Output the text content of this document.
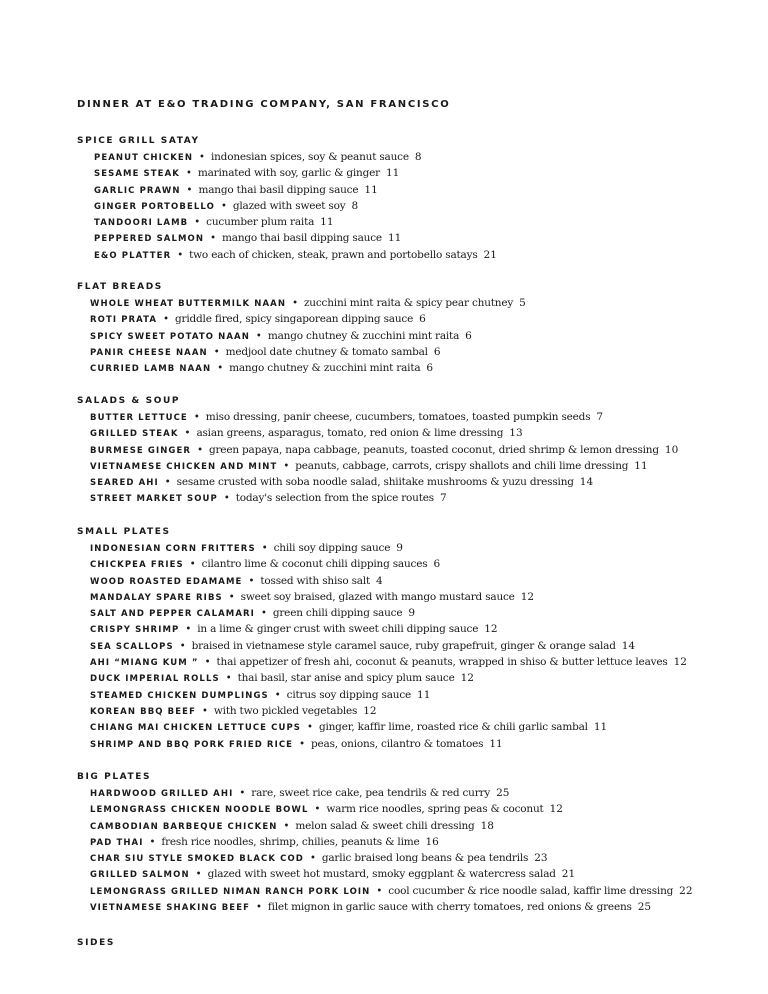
DINNER AT E&O TRADING COMPANY, SAN FRANCISCO
SPICE GRILL SATAY
PEANUT CHICKEN • indonesian spices, soy & peanut sauce 8
SESAME STEAK • marinated with soy, garlic & ginger 11
GARLIC PRAWN • mango thai basil dipping sauce 11
GINGER PORTOBELLO • glazed with sweet soy 8
TANDOORI LAMB • cucumber plum raita 11
PEPPERED SALMON • mango thai basil dipping sauce 11
E&O PLATTER • two each of chicken, steak, prawn and portobello satays 21
FLAT BREADS
WHOLE WHEAT BUTTERMILK NAAN • zucchini mint raita & spicy pear chutney 5
ROTI PRATA • griddle fired, spicy singaporean dipping sauce 6
SPICY SWEET POTATO NAAN • mango chutney & zucchini mint raita 6
PANIR CHEESE NAAN • medjool date chutney & tomato sambal 6
CURRIED LAMB NAAN • mango chutney & zucchini mint raita 6
SALADS & SOUP
BUTTER LETTUCE • miso dressing, panir cheese, cucumbers, tomatoes, toasted pumpkin seeds 7
GRILLED STEAK • asian greens, asparagus, tomato, red onion & lime dressing 13
BURMESE GINGER • green papaya, napa cabbage, peanuts, toasted coconut, dried shrimp & lemon dressing 10
VIETNAMESE CHICKEN AND MINT • peanuts, cabbage, carrots, crispy shallots and chili lime dressing 11
SEARED AHI • sesame crusted with soba noodle salad, shiitake mushrooms & yuzu dressing 14
STREET MARKET SOUP • today's selection from the spice routes 7
SMALL PLATES
INDONESIAN CORN FRITTERS • chili soy dipping sauce 9
CHICKPEA FRIES • cilantro lime & coconut chili dipping sauces 6
WOOD ROASTED EDAMAME • tossed with shiso salt 4
MANDALAY SPARE RIBS • sweet soy braised, glazed with mango mustard sauce 12
SALT AND PEPPER CALAMARI • green chili dipping sauce 9
CRISPY SHRIMP • in a lime & ginger crust with sweet chili dipping sauce 12
SEA SCALLOPS • braised in vietnamese style caramel sauce, ruby grapefruit, ginger & orange salad 14
AHI “MIANG KUM ” • thai appetizer of fresh ahi, coconut & peanuts, wrapped in shiso & butter lettuce leaves 12
DUCK IMPERIAL ROLLS • thai basil, star anise and spicy plum sauce 12
STEAMED CHICKEN DUMPLINGS • citrus soy dipping sauce 11
KOREAN BBQ BEEF • with two pickled vegetables 12
CHIANG MAI CHICKEN LETTUCE CUPS • ginger, kaffir lime, roasted rice & chili garlic sambal 11
SHRIMP AND BBQ PORK FRIED RICE • peas, onions, cilantro & tomatoes 11
BIG PLATES
HARDWOOD GRILLED AHI • rare, sweet rice cake, pea tendrils & red curry 25
LEMONGRASS CHICKEN NOODLE BOWL • warm rice noodles, spring peas & coconut 12
CAMBODIAN BARBEQUE CHICKEN • melon salad & sweet chili dressing 18
PAD THAI • fresh rice noodles, shrimp, chilies, peanuts & lime 16
CHAR SIU STYLE SMOKED BLACK COD • garlic braised long beans & pea tendrils 23
GRILLED SALMON • glazed with sweet hot mustard, smoky eggplant & watercress salad 21
LEMONGRASS GRILLED NIMAN RANCH PORK LOIN • cool cucumber & rice noodle salad, kaffir lime dressing 22
VIETNAMESE SHAKING BEEF • filet mignon in garlic sauce with cherry tomatoes, red onions & greens 25
SIDES
